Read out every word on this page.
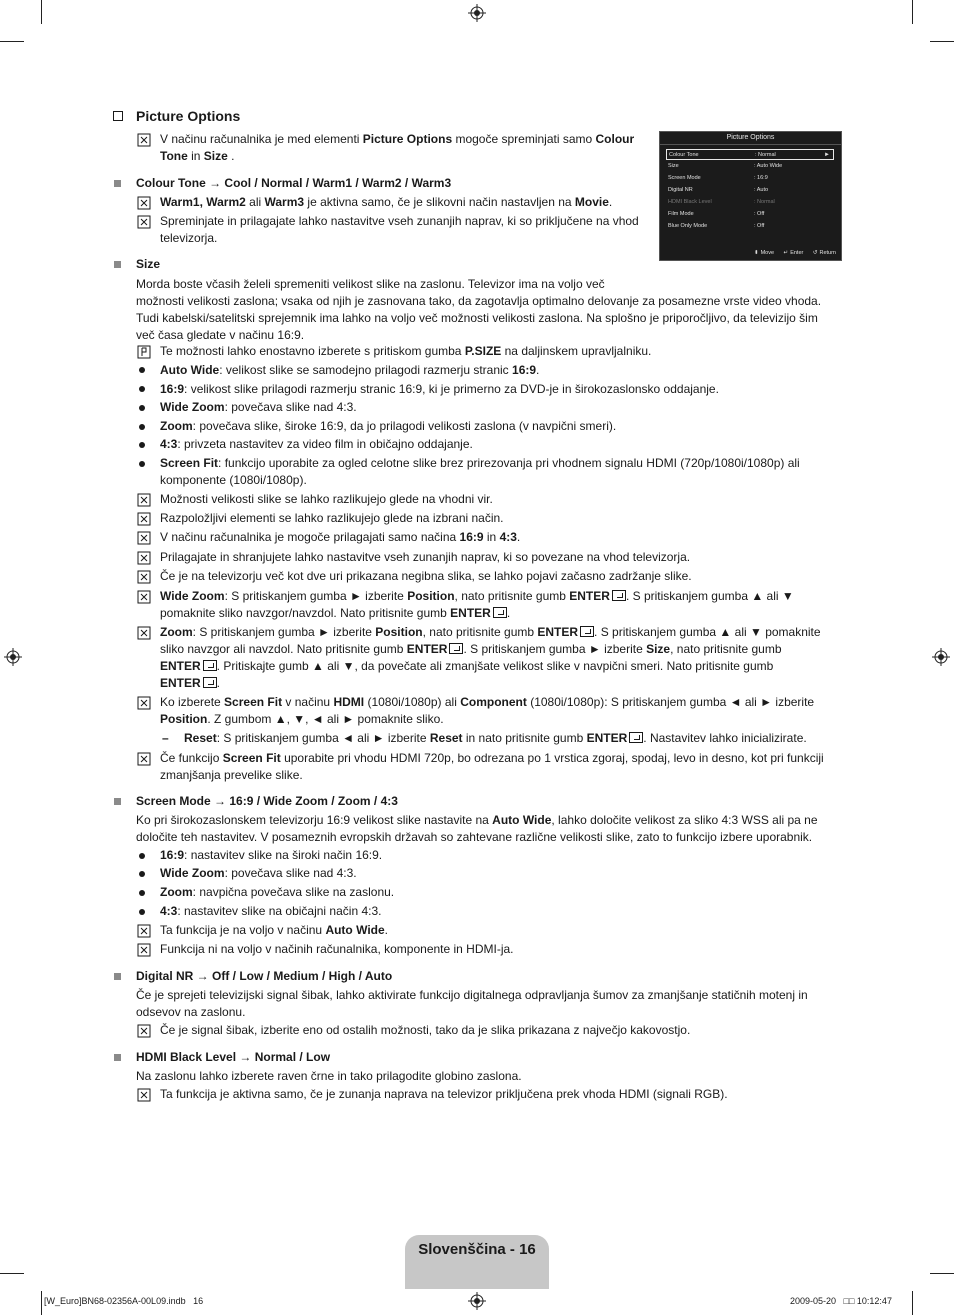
Picture Options
V načinu računalnika je med elementi Picture Options mogoče spreminjati samo Colour
Tone in Size .
Colour Tone → Cool / Normal / Warm1 / Warm2 / Warm3
Warm1, Warm2 ali Warm3 je aktivna samo, če je slikovni način nastavljen na Movie.
Spreminjate in prilagajate lahko nastavitve vseh zunanjih naprav, ki so priključene na vhod
televizorja.
Picture Options
Colour Tone	: Normal	►
Size	: Auto Wide
Screen Mode	: 16:9
Digital NR	: Auto
HDMI Black Level	: Normal
Film Mode	: Off
Blue Only Mode	: Off
⬍ Move ↵ Enter ↺ Return
Size
Morda boste včasih želeli spremeniti velikost slike na zaslonu. Televizor ima na voljo več
možnosti velikosti zaslona; vsaka od njih je zasnovana tako, da zagotavlja optimalno delovanje za posamezne vrste video vhoda.
Tudi kabelski/satelitski sprejemnik ima lahko na voljo več možnosti velikosti zaslona. Na splošno je priporočljivo, da televizijo šim
več časa gledate v načinu 16:9.
Te možnosti lahko enostavno izberete s pritiskom gumba P.SIZE na daljinskem upravljalniku.
Auto Wide: velikost slike se samodejno prilagodi razmerju stranic 16:9.
16:9: velikost slike prilagodi razmerju stranic 16:9, ki je primerno za DVD-je in širokozaslonsko oddajanje.
Wide Zoom: povečava slike nad 4:3.
Zoom: povečava slike, široke 16:9, da jo prilagodi velikosti zaslona (v navpični smeri).
4:3: privzeta nastavitev za video film in običajno oddajanje.
Screen Fit: funkcijo uporabite za ogled celotne slike brez prirezovanja pri vhodnem signalu HDMI (720p/1080i/1080p) ali
komponente (1080i/1080p).
Možnosti velikosti slike se lahko razlikujejo glede na vhodni vir.
Razpoložljivi elementi se lahko razlikujejo glede na izbrani način.
V načinu računalnika je mogoče prilagajati samo načina 16:9 in 4:3.
Prilagajate in shranjujete lahko nastavitve vseh zunanjih naprav, ki so povezane na vhod televizorja.
Če je na televizorju več kot dve uri prikazana negibna slika, se lahko pojavi začasno zadržanje slike.
Wide Zoom: S pritiskanjem gumba ► izberite Position, nato pritisnite gumb ENTER . S pritiskanjem gumba ▲ ali ▼
pomaknite sliko navzgor/navzdol. Nato pritisnite gumb ENTER .
Zoom: S pritiskanjem gumba ► izberite Position, nato pritisnite gumb ENTER . S pritiskanjem gumba ▲ ali ▼ pomaknite
sliko navzgor ali navzdol. Nato pritisnite gumb ENTER . S pritiskanjem gumba ► izberite Size, nato pritisnite gumb
ENTER . Pritiskajte gumb ▲ ali ▼, da povečate ali zmanjšate velikost slike v navpični smeri. Nato pritisnite gumb
ENTER .
Ko izberete Screen Fit v načinu HDMI (1080i/1080p) ali Component (1080i/1080p): S pritiskanjem gumba ◄ ali ► izberite
Position. Z gumbom ▲, ▼, ◄ ali ► pomaknite sliko.
– Reset: S pritiskanjem gumba ◄ ali ► izberite Reset in nato pritisnite gumb ENTER . Nastavitev lahko inicializirate.
Če funkcijo Screen Fit uporabite pri vhodu HDMI 720p, bo odrezana po 1 vrstica zgoraj, spodaj, levo in desno, kot pri funkciji
zmanjšanja prevelike slike.
Screen Mode → 16:9 / Wide Zoom / Zoom / 4:3
Ko pri širokozaslonskem televizorju 16:9 velikost slike nastavite na Auto Wide, lahko določite velikost za sliko 4:3 WSS ali pa ne
določite teh nastavitev. V posameznih evropskih državah so zahtevane različne velikosti slike, zato to funkcijo izbere uporabnik.
16:9: nastavitev slike na široki način 16:9.
Wide Zoom: povečava slike nad 4:3.
Zoom: navpična povečava slike na zaslonu.
4:3: nastavitev slike na običajni način 4:3.
Ta funkcija je na voljo v načinu Auto Wide.
Funkcija ni na voljo v načinih računalnika, komponente in HDMI-ja.
Digital NR → Off / Low / Medium / High / Auto
Če je sprejeti televizijski signal šibak, lahko aktivirate funkcijo digitalnega odpravljanja šumov za zmanjšanje statičnih motenj in
odsevov na zaslonu.
Če je signal šibak, izberite eno od ostalih možnosti, tako da je slika prikazana z največjo kakovostjo.
HDMI Black Level → Normal / Low
Na zaslonu lahko izberete raven črne in tako prilagodite globino zaslona.
Ta funkcija je aktivna samo, če je zunanja naprava na televizor priključena prek vhoda HDMI (signali RGB).
Slovenščina - 16
[W_Euro]BN68-02356A-00L09.indb   16	2009-05-20   □□ 10:12:47
